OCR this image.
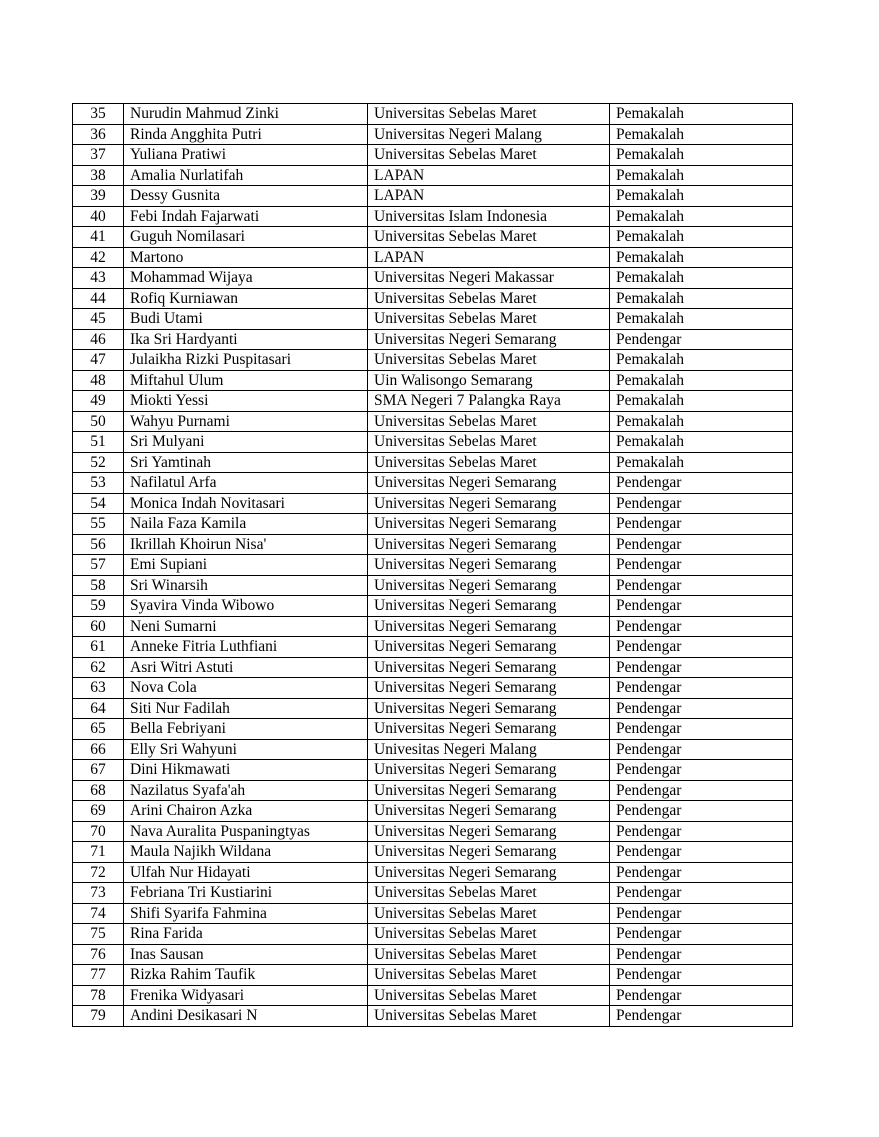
35	Nurudin Mahmud Zinki	Universitas Sebelas Maret	Pemakalah
36	Rinda Angghita Putri	Universitas Negeri Malang	Pemakalah
37	Yuliana Pratiwi	Universitas Sebelas Maret	Pemakalah
38	Amalia Nurlatifah	LAPAN	Pemakalah
39	Dessy Gusnita	LAPAN	Pemakalah
40	Febi Indah Fajarwati	Universitas Islam Indonesia	Pemakalah
41	Guguh Nomilasari	Universitas Sebelas Maret	Pemakalah
42	Martono	LAPAN	Pemakalah
43	Mohammad Wijaya	Universitas Negeri Makassar	Pemakalah
44	Rofiq Kurniawan	Universitas Sebelas Maret	Pemakalah
45	Budi Utami	Universitas Sebelas Maret	Pemakalah
46	Ika Sri Hardyanti	Universitas Negeri Semarang	Pendengar
47	Julaikha Rizki Puspitasari	Universitas Sebelas Maret	Pemakalah
48	Miftahul Ulum	Uin Walisongo Semarang	Pemakalah
49	Miokti Yessi	SMA Negeri 7 Palangka Raya	Pemakalah
50	Wahyu Purnami	Universitas Sebelas Maret	Pemakalah
51	Sri Mulyani	Universitas Sebelas Maret	Pemakalah
52	Sri Yamtinah	Universitas Sebelas Maret	Pemakalah
53	Nafilatul Arfa	Universitas Negeri Semarang	Pendengar
54	Monica Indah Novitasari	Universitas Negeri Semarang	Pendengar
55	Naila Faza Kamila	Universitas Negeri Semarang	Pendengar
56	Ikrillah Khoirun Nisa'	Universitas Negeri Semarang	Pendengar
57	Emi Supiani	Universitas Negeri Semarang	Pendengar
58	Sri Winarsih	Universitas Negeri Semarang	Pendengar
59	Syavira Vinda Wibowo	Universitas Negeri Semarang	Pendengar
60	Neni Sumarni	Universitas Negeri Semarang	Pendengar
61	Anneke Fitria Luthfiani	Universitas Negeri Semarang	Pendengar
62	Asri Witri Astuti	Universitas Negeri Semarang	Pendengar
63	Nova Cola	Universitas Negeri Semarang	Pendengar
64	Siti Nur Fadilah	Universitas Negeri Semarang	Pendengar
65	Bella Febriyani	Universitas Negeri Semarang	Pendengar
66	Elly Sri Wahyuni	Univesitas Negeri Malang	Pendengar
67	Dini Hikmawati	Universitas Negeri Semarang	Pendengar
68	Nazilatus Syafa'ah	Universitas Negeri Semarang	Pendengar
69	Arini Chairon Azka	Universitas Negeri Semarang	Pendengar
70	Nava Auralita Puspaningtyas	Universitas Negeri Semarang	Pendengar
71	Maula Najikh Wildana	Universitas Negeri Semarang	Pendengar
72	Ulfah Nur Hidayati	Universitas Negeri Semarang	Pendengar
73	Febriana Tri Kustiarini	Universitas Sebelas Maret	Pendengar
74	Shifi Syarifa Fahmina	Universitas Sebelas Maret	Pendengar
75	Rina Farida	Universitas Sebelas Maret	Pendengar
76	Inas Sausan	Universitas Sebelas Maret	Pendengar
77	Rizka Rahim Taufik	Universitas Sebelas Maret	Pendengar
78	Frenika Widyasari	Universitas Sebelas Maret	Pendengar
79	Andini Desikasari N	Universitas Sebelas Maret	Pendengar
